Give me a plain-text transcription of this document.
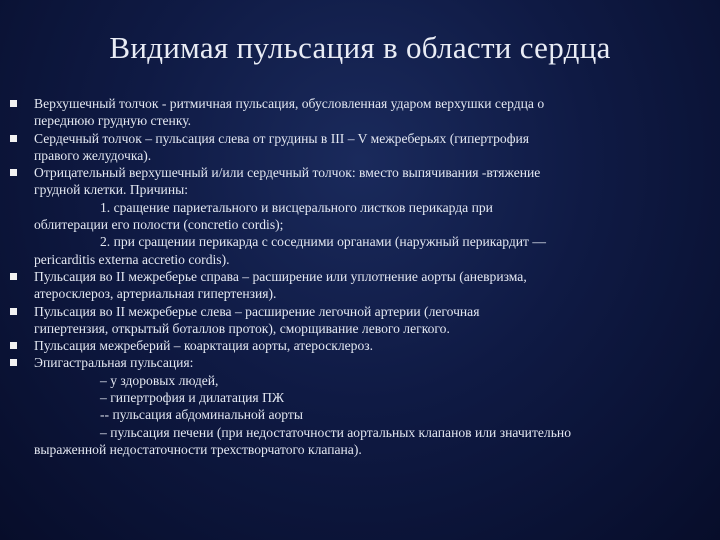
Видимая пульсация в области сердца
Верхушечный толчок - ритмичная пульсация, обусловленная ударом верхушки сердца о
переднюю грудную стенку.
Сердечный толчок – пульсация слева от грудины в III – V межреберьях (гипертрофия
правого желудочка).
Отрицательный верхушечный и/или сердечный толчок: вместо выпячивания -втяжение
грудной клетки. Причины:
1. сращение париетального и висцерального листков перикарда при
облитерации его полости (concretio cordis);
2. при сращении перикарда с соседними органами (наружный перикардит —
pericarditis externa accretio cordis).
Пульсация во II межреберье справа – расширение или уплотнение аорты (аневризма,
атеросклероз, артериальная гипертензия).
Пульсация во II межреберье слева – расширение легочной артерии (легочная
гипертензия, открытый боталлов проток), сморщивание левого легкого.
Пульсация межреберий – коарктация аорты, атеросклероз.
Эпигастральная пульсация:
– у здоровых людей,
– гипертрофия и дилатация ПЖ
-- пульсация абдоминальной аорты
– пульсация печени (при недостаточности аортальных клапанов или значительно
выраженной недостаточности трехстворчатого клапана).
